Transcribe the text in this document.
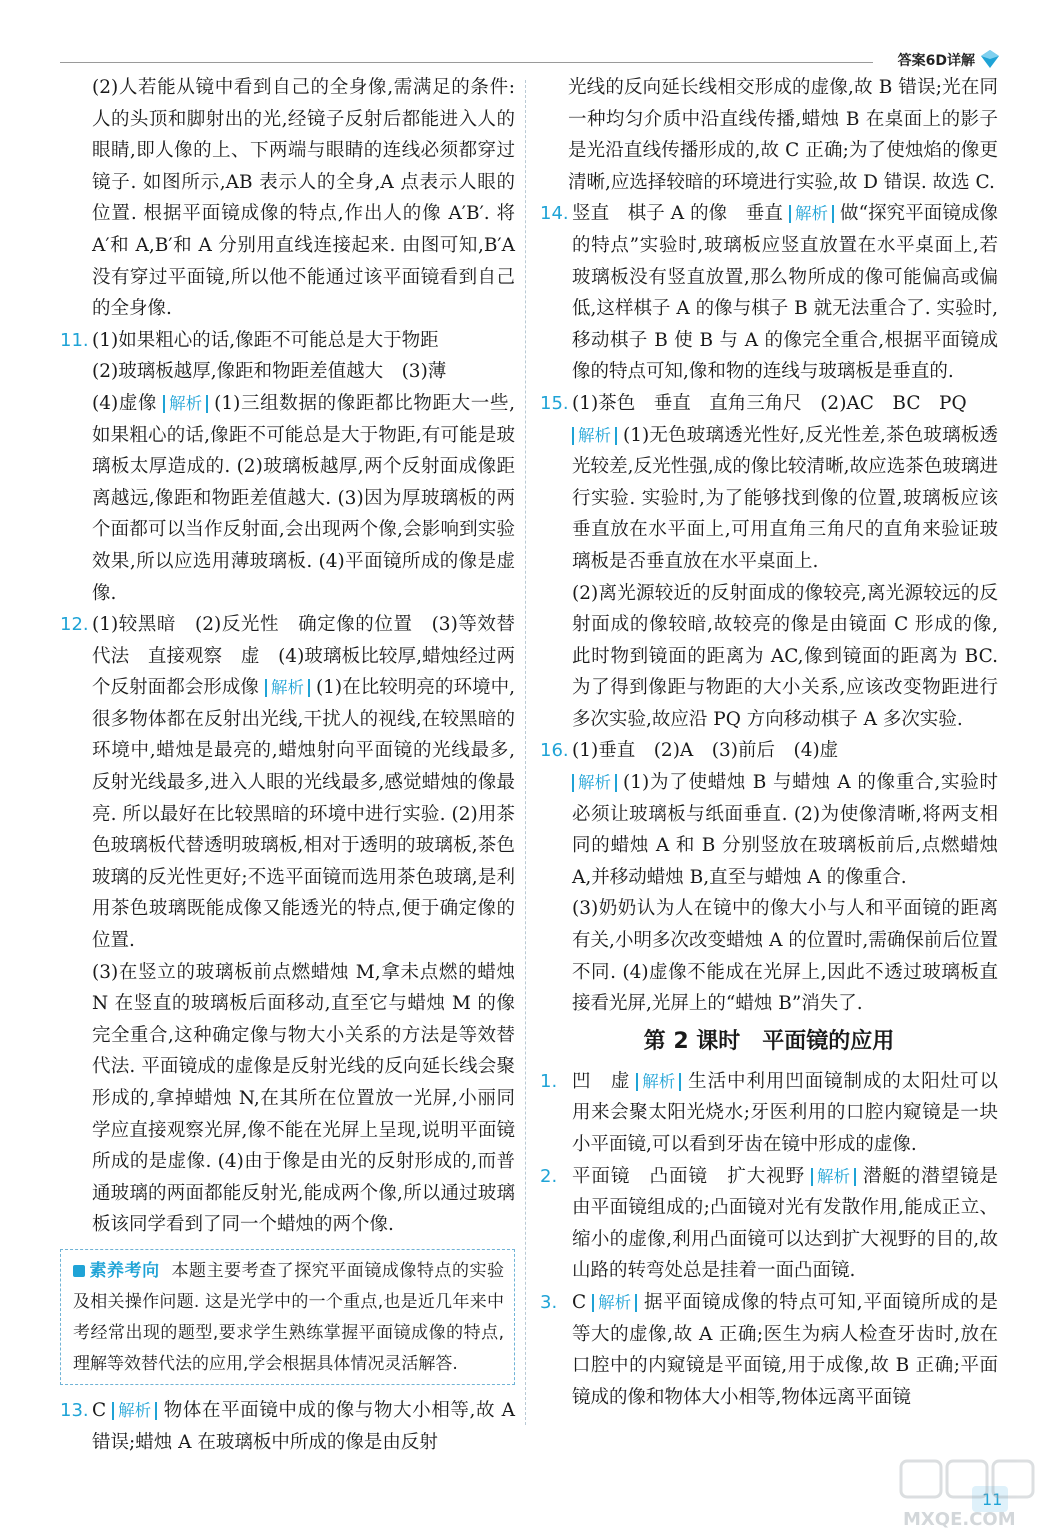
答案6D详解

(2)人若能从镜中看到自己的全身像,需满足的条件:人的头顶和脚射出的光,经镜子反射后都能进入人的眼睛,即人像的上、下两端与眼睛的连线必须都穿过镜子. 如图所示,AB 表示人的全身,A 点表示人眼的位置. 根据平面镜成像的特点,作出人的像 A′B′. 将 A′和 A,B′和 A 分别用直线连接起来. 由图可知,B′A 没有穿过平面镜,所以他不能通过该平面镜看到自己的全身像.

11. (1)如果粗心的话,像距不可能总是大于物距
(2)玻璃板越厚,像距和物距差值越大　(3)薄
(4)虚像 解析 (1)三组数据的像距都比物距大一些,如果粗心的话,像距不可能总是大于物距,有可能是玻璃板太厚造成的. (2)玻璃板越厚,两个反射面成像距离越远,像距和物距差值越大. (3)因为厚玻璃板的两个面都可以当作反射面,会出现两个像,会影响到实验效果,所以应选用薄玻璃板. (4)平面镜所成的像是虚像.
12. (1)较黑暗　(2)反光性　确定像的位置　(3)等效替代法　直接观察　虚　(4)玻璃板比较厚,蜡烛经过两个反射面都会形成像 解析 (1)在比较明亮的环境中,很多物体都在反射出光线,干扰人的视线,在较黑暗的环境中,蜡烛是最亮的,蜡烛射向平面镜的光线最多,反射光线最多,进入人眼的光线最多,感觉蜡烛的像最亮. 所以最好在比较黑暗的环境中进行实验. (2)用茶色玻璃板代替透明玻璃板,相对于透明的玻璃板,茶色玻璃的反光性更好;不选平面镜而选用茶色玻璃,是利用茶色玻璃既能成像又能透光的特点,便于确定像的位置.
(3)在竖立的玻璃板前点燃蜡烛 M,拿未点燃的蜡烛 N 在竖直的玻璃板后面移动,直至它与蜡烛 M 的像完全重合,这种确定像与物大小关系的方法是等效替代法. 平面镜成的虚像是反射光线的反向延长线会聚形成的,拿掉蜡烛 N,在其所在位置放一光屏,小丽同学应直接观察光屏,像不能在光屏上呈现,说明平面镜所成的是虚像. (4)由于像是由光的反射形成的,而普通玻璃的两面都能反射光,能成两个像,所以通过玻璃板该同学看到了同一个蜡烛的两个像.
素养考向 本题主要考查了探究平面镜成像特点的实验及相关操作问题. 这是光学中的一个重点,也是近几年来中考经常出现的题型,要求学生熟练掌握平面镜成像的特点,理解等效替代法的应用,学会根据具体情况灵活解答.
13. C 解析 物体在平面镜中成的像与物大小相等,故 A 错误;蜡烛 A 在玻璃板中所成的像是由反射

光线的反向延长线相交形成的虚像,故 B 错误;光在同一种均匀介质中沿直线传播,蜡烛 B 在桌面上的影子是光沿直线传播形成的,故 C 正确;为了使烛焰的像更清晰,应选择较暗的环境进行实验,故 D 错误. 故选 C.

14. 竖直　棋子 A 的像　垂直 解析 做“探究平面镜成像的特点”实验时,玻璃板应竖直放置在水平桌面上,若玻璃板没有竖直放置,那么物所成的像可能偏高或偏低,这样棋子 A 的像与棋子 B 就无法重合了. 实验时,移动棋子 B 使 B 与 A 的像完全重合,根据平面镜成像的特点可知,像和物的连线与玻璃板是垂直的.
15. (1)茶色　垂直　直角三角尺　(2)AC　BC　PQ
解析 (1)无色玻璃透光性好,反光性差,茶色玻璃板透光较差,反光性强,成的像比较清晰,故应选茶色玻璃进行实验. 实验时,为了能够找到像的位置,玻璃板应该垂直放在水平面上,可用直角三角尺的直角来验证玻璃板是否垂直放在水平桌面上.
(2)离光源较近的反射面成的像较亮,离光源较远的反射面成的像较暗,故较亮的像是由镜面 C 形成的像,此时物到镜面的距离为 AC,像到镜面的距离为 BC. 为了得到像距与物距的大小关系,应该改变物距进行多次实验,故应沿 PQ 方向移动棋子 A 多次实验.
16. (1)垂直　(2)A　(3)前后　(4)虚
解析 (1)为了使蜡烛 B 与蜡烛 A 的像重合,实验时必须让玻璃板与纸面垂直. (2)为使像清晰,将两支相同的蜡烛 A 和 B 分别竖放在玻璃板前后,点燃蜡烛 A,并移动蜡烛 B,直至与蜡烛 A 的像重合.
(3)奶奶认为人在镜中的像大小与人和平面镜的距离有关,小明多次改变蜡烛 A 的位置时,需确保前后位置不同. (4)虚像不能成在光屏上,因此不透过玻璃板直接看光屏,光屏上的“蜡烛 B”消失了.
第 2 课时　平面镜的应用
1. 凹　虚 解析 生活中利用凹面镜制成的太阳灶可以用来会聚太阳光烧水;牙医利用的口腔内窥镜是一块小平面镜,可以看到牙齿在镜中形成的虚像.
2. 平面镜　凸面镜　扩大视野 解析 潜艇的潜望镜是由平面镜组成的;凸面镜对光有发散作用,能成正立、缩小的虚像,利用凸面镜可以达到扩大视野的目的,故山路的转弯处总是挂着一面凸面镜.
3. C 解析 据平面镜成像的特点可知,平面镜所成的是等大的虚像,故 A 正确;医生为病人检查牙齿时,放在口腔中的内窥镜是平面镜,用于成像,故 B 正确;平面镜成的像和物体大小相等,物体远离平面镜
11
MXQE.COM
